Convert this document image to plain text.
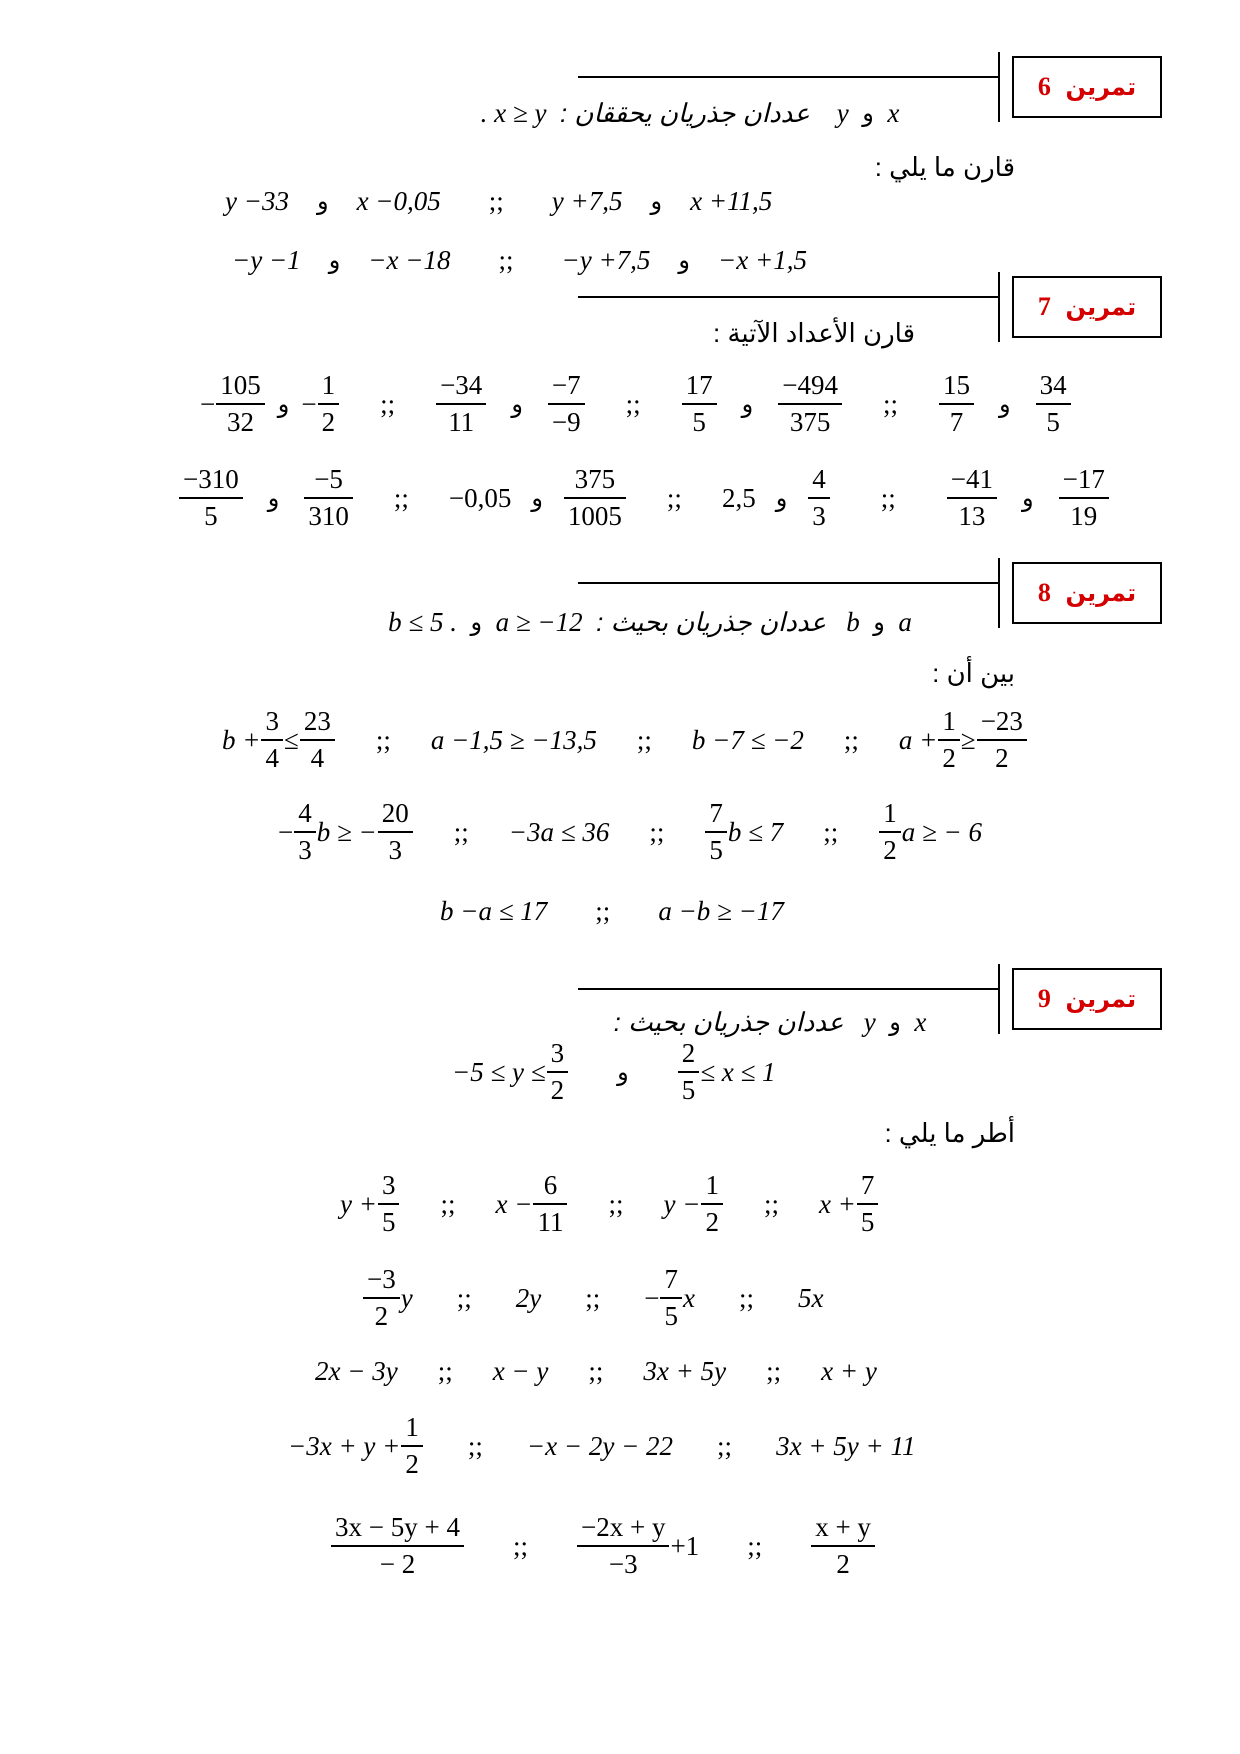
تمرين 6
x

و

y

عددان جذريان يحققان :

. x ≥ y
قارن ما يلي :
y −33 و x −0,05 ;; y +7,5 و x +11,5
−y −1 و −x −18 ;; −y +7,5 و −x +1,5
تمرين 7
قارن الأعداد الآتية :
− $\frac{105}{32}$ و − $\frac{1}{2}$ ;; $\frac{-34}{11}$ و $\frac{-7}{-9}$ ;; $\frac{17}{5}$ و $\frac{-494}{375}$ ;; $\frac{15}{7}$ و $\frac{34}{5}$
$\frac{-310}{5}$ و $\frac{-5}{310}$ ;; −0,05 و $\frac{375}{1005}$ ;; 2,5 و $\frac{4}{3}$ ;; $\frac{-41}{13}$ و $\frac{-17}{19}$
تمرين 8
a

و

b

عددان جذريان بحيث :

a ≥ −12

و

b ≤ 5 .
بين أن :
$b + \frac{3}{4} \le \frac{23}{4}$ ;; a −1,5 ≥ −13,5 ;; b −7 ≤ −2 ;; $a + \frac{1}{2} \ge \frac{-23}{2}$
− $\frac{4}{3}$ b ≥ − $\frac{20}{3}$ ;; −3a ≤ 36 ;; $\frac{7}{5}$ b ≤ 7 ;; $\frac{1}{2}$ a ≥ − 6
b −a ≤ 17 ;; a −b ≥ −17
تمرين 9
x

و

y

عددان جذريان بحيث :
$-5 \le y \le \frac{3}{2}$ و $\frac{2}{5} \le x \le 1$
أطر ما يلي :
$y + \frac{3}{5}$ ;; $x - \frac{6}{11}$ ;; $y - \frac{1}{2}$ ;; $x + \frac{7}{5}$
$\frac{-3}{2}$ y ;; 2y ;; − $\frac{7}{5}$ x ;; 5x
2x − 3y ;; x − y ;; 3x + 5y ;; x + y
$-3x + y + \frac{1}{2}$ ;; −x − 2y − 22 ;; 3x + 5y + 11
$\frac{3x - 5y + 4}{- 2}$ ;; $\frac{-2x + y}{-3} +1$ ;; $\frac{x + y}{2}$
